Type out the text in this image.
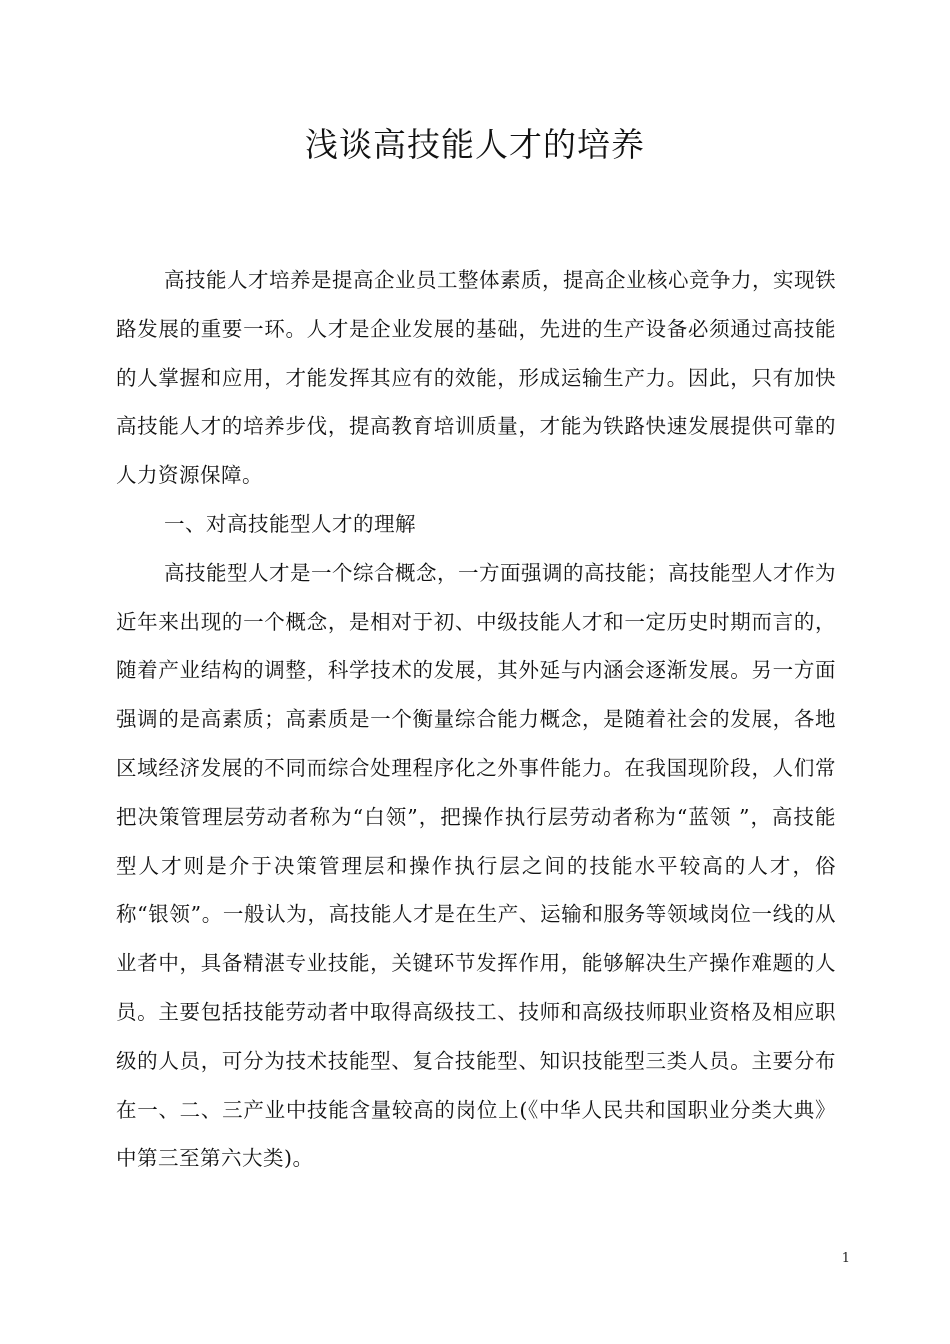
浅谈高技能人才的培养

高技能人才培养是提高企业员工整体素质，提高企业核心竞争力，实现铁路发展的重要一环。人才是企业发展的基础，先进的生产设备必须通过高技能的人掌握和应用，才能发挥其应有的效能，形成运输生产力。因此，只有加快高技能人才的培养步伐，提高教育培训质量，才能为铁路快速发展提供可靠的人力资源保障。

一、对高技能型人才的理解

高技能型人才是一个综合概念，一方面强调的高技能；高技能型人才作为近年来出现的一个概念，是相对于初、中级技能人才和一定历史时期而言的，随着产业结构的调整，科学技术的发展，其外延与内涵会逐渐发展。另一方面强调的是高素质；高素质是一个衡量综合能力概念，是随着社会的发展，各地区域经济发展的不同而综合处理程序化之外事件能力。在我国现阶段，人们常把决策管理层劳动者称为“白领”，把操作执行层劳动者称为“蓝领 ”，高技能型人才则是介于决策管理层和操作执行层之间的技能水平较高的人才，俗称“银领”。一般认为，高技能人才是在生产、运输和服务等领域岗位一线的从业者中，具备精湛专业技能，关键环节发挥作用，能够解决生产操作难题的人员。主要包括技能劳动者中取得高级技工、技师和高级技师职业资格及相应职级的人员，可分为技术技能型、复合技能型、知识技能型三类人员。主要分布在一、二、三产业中技能含量较高的岗位上(《中华人民共和国职业分类大典》中第三至第六大类)。

1
